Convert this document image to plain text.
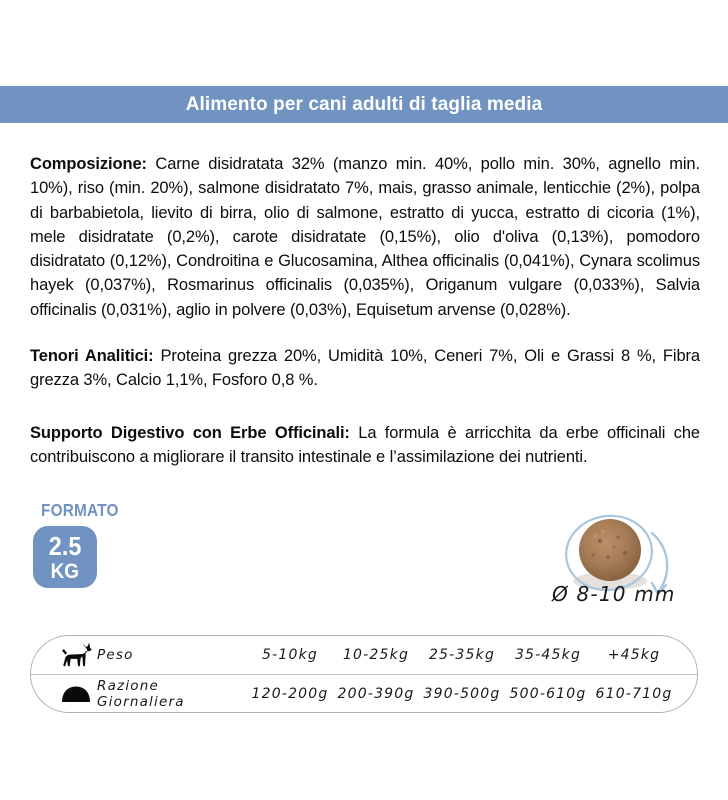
Alimento per cani adulti di taglia media

Composizione: Carne disidratata 32% (manzo min. 40%, pollo min. 30%, agnello min. 10%), riso (min. 20%), salmone disidratato 7%, mais, grasso animale, lenticchie (2%), polpa di barbabietola, lievito di birra, olio di salmone, estratto di yucca, estratto di cicoria (1%), mele disidratate (0,2%), carote disidratate (0,15%), olio d'oliva (0,13%), pomodoro disidratato (0,12%), Condroitina e Glucosamina, Althea officinalis (0,041%), Cynara scolimus hayek (0,037%), Rosmarinus officinalis (0,035%), Origanum vulgare (0,033%), Salvia officinalis (0,031%), aglio in polvere (0,03%), Equisetum arvense (0,028%).

Tenori Analitici: Proteina grezza 20%, Umidità 10%, Ceneri 7%, Oli e Grassi 8 %, Fibra grezza 3%, Calcio 1,1%, Fosforo 0,8 %.

Supporto Digestivo con Erbe Officinali: La formula è arricchita da erbe officinali che contribuiscono a migliorare il transito intestinale e l’assimilazione dei nutrienti.

FORMATO
2.5
KG
Ø 8-10 mm
Peso	5-10kg	10-25kg	25-35kg	35-45kg	+45kg
Razione Giornaliera	120-200g 200-390g 390-500g 500-610g 610-710g
